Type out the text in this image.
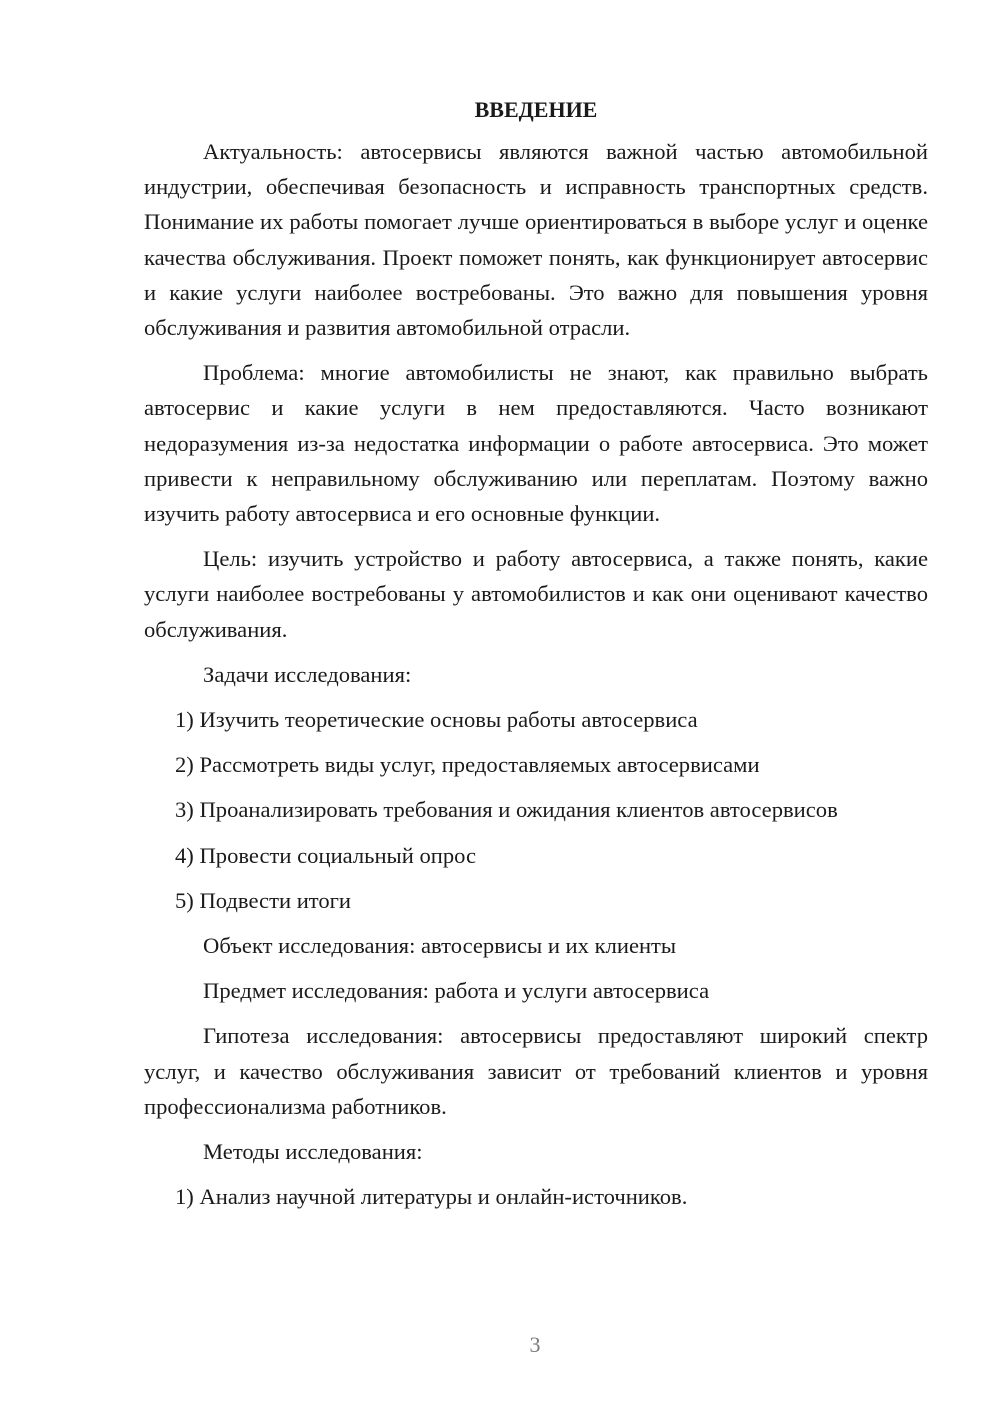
ВВЕДЕНИЕ

Актуальность: автосервисы являются важной частью автомобильной индустрии, обеспечивая безопасность и исправность транспортных средств. Понимание их работы помогает лучше ориентироваться в выборе услуг и оценке качества обслуживания. Проект поможет понять, как функционирует автосервис и какие услуги наиболее востребованы. Это важно для повышения уровня обслуживания и развития автомобильной отрасли.

Проблема: многие автомобилисты не знают, как правильно выбрать автосервис и какие услуги в нем предоставляются. Часто возникают недоразумения из-за недостатка информации о работе автосервиса. Это может привести к неправильному обслуживанию или переплатам. Поэтому важно изучить работу автосервиса и его основные функции.

Цель: изучить устройство и работу автосервиса, а также понять, какие услуги наиболее востребованы у автомобилистов и как они оценивают качество обслуживания.

Задачи исследования:
1) Изучить теоретические основы работы автосервиса
2) Рассмотреть виды услуг, предоставляемых автосервисами
3) Проанализировать требования и ожидания клиентов автосервисов
4) Провести социальный опрос
5) Подвести итоги
Объект исследования: автосервисы и их клиенты
Предмет исследования: работа и услуги автосервиса

Гипотеза исследования: автосервисы предоставляют широкий спектр услуг, и качество обслуживания зависит от требований клиентов и уровня профессионализма работников.

Методы исследования:
1) Анализ научной литературы и онлайн-источников.
3
